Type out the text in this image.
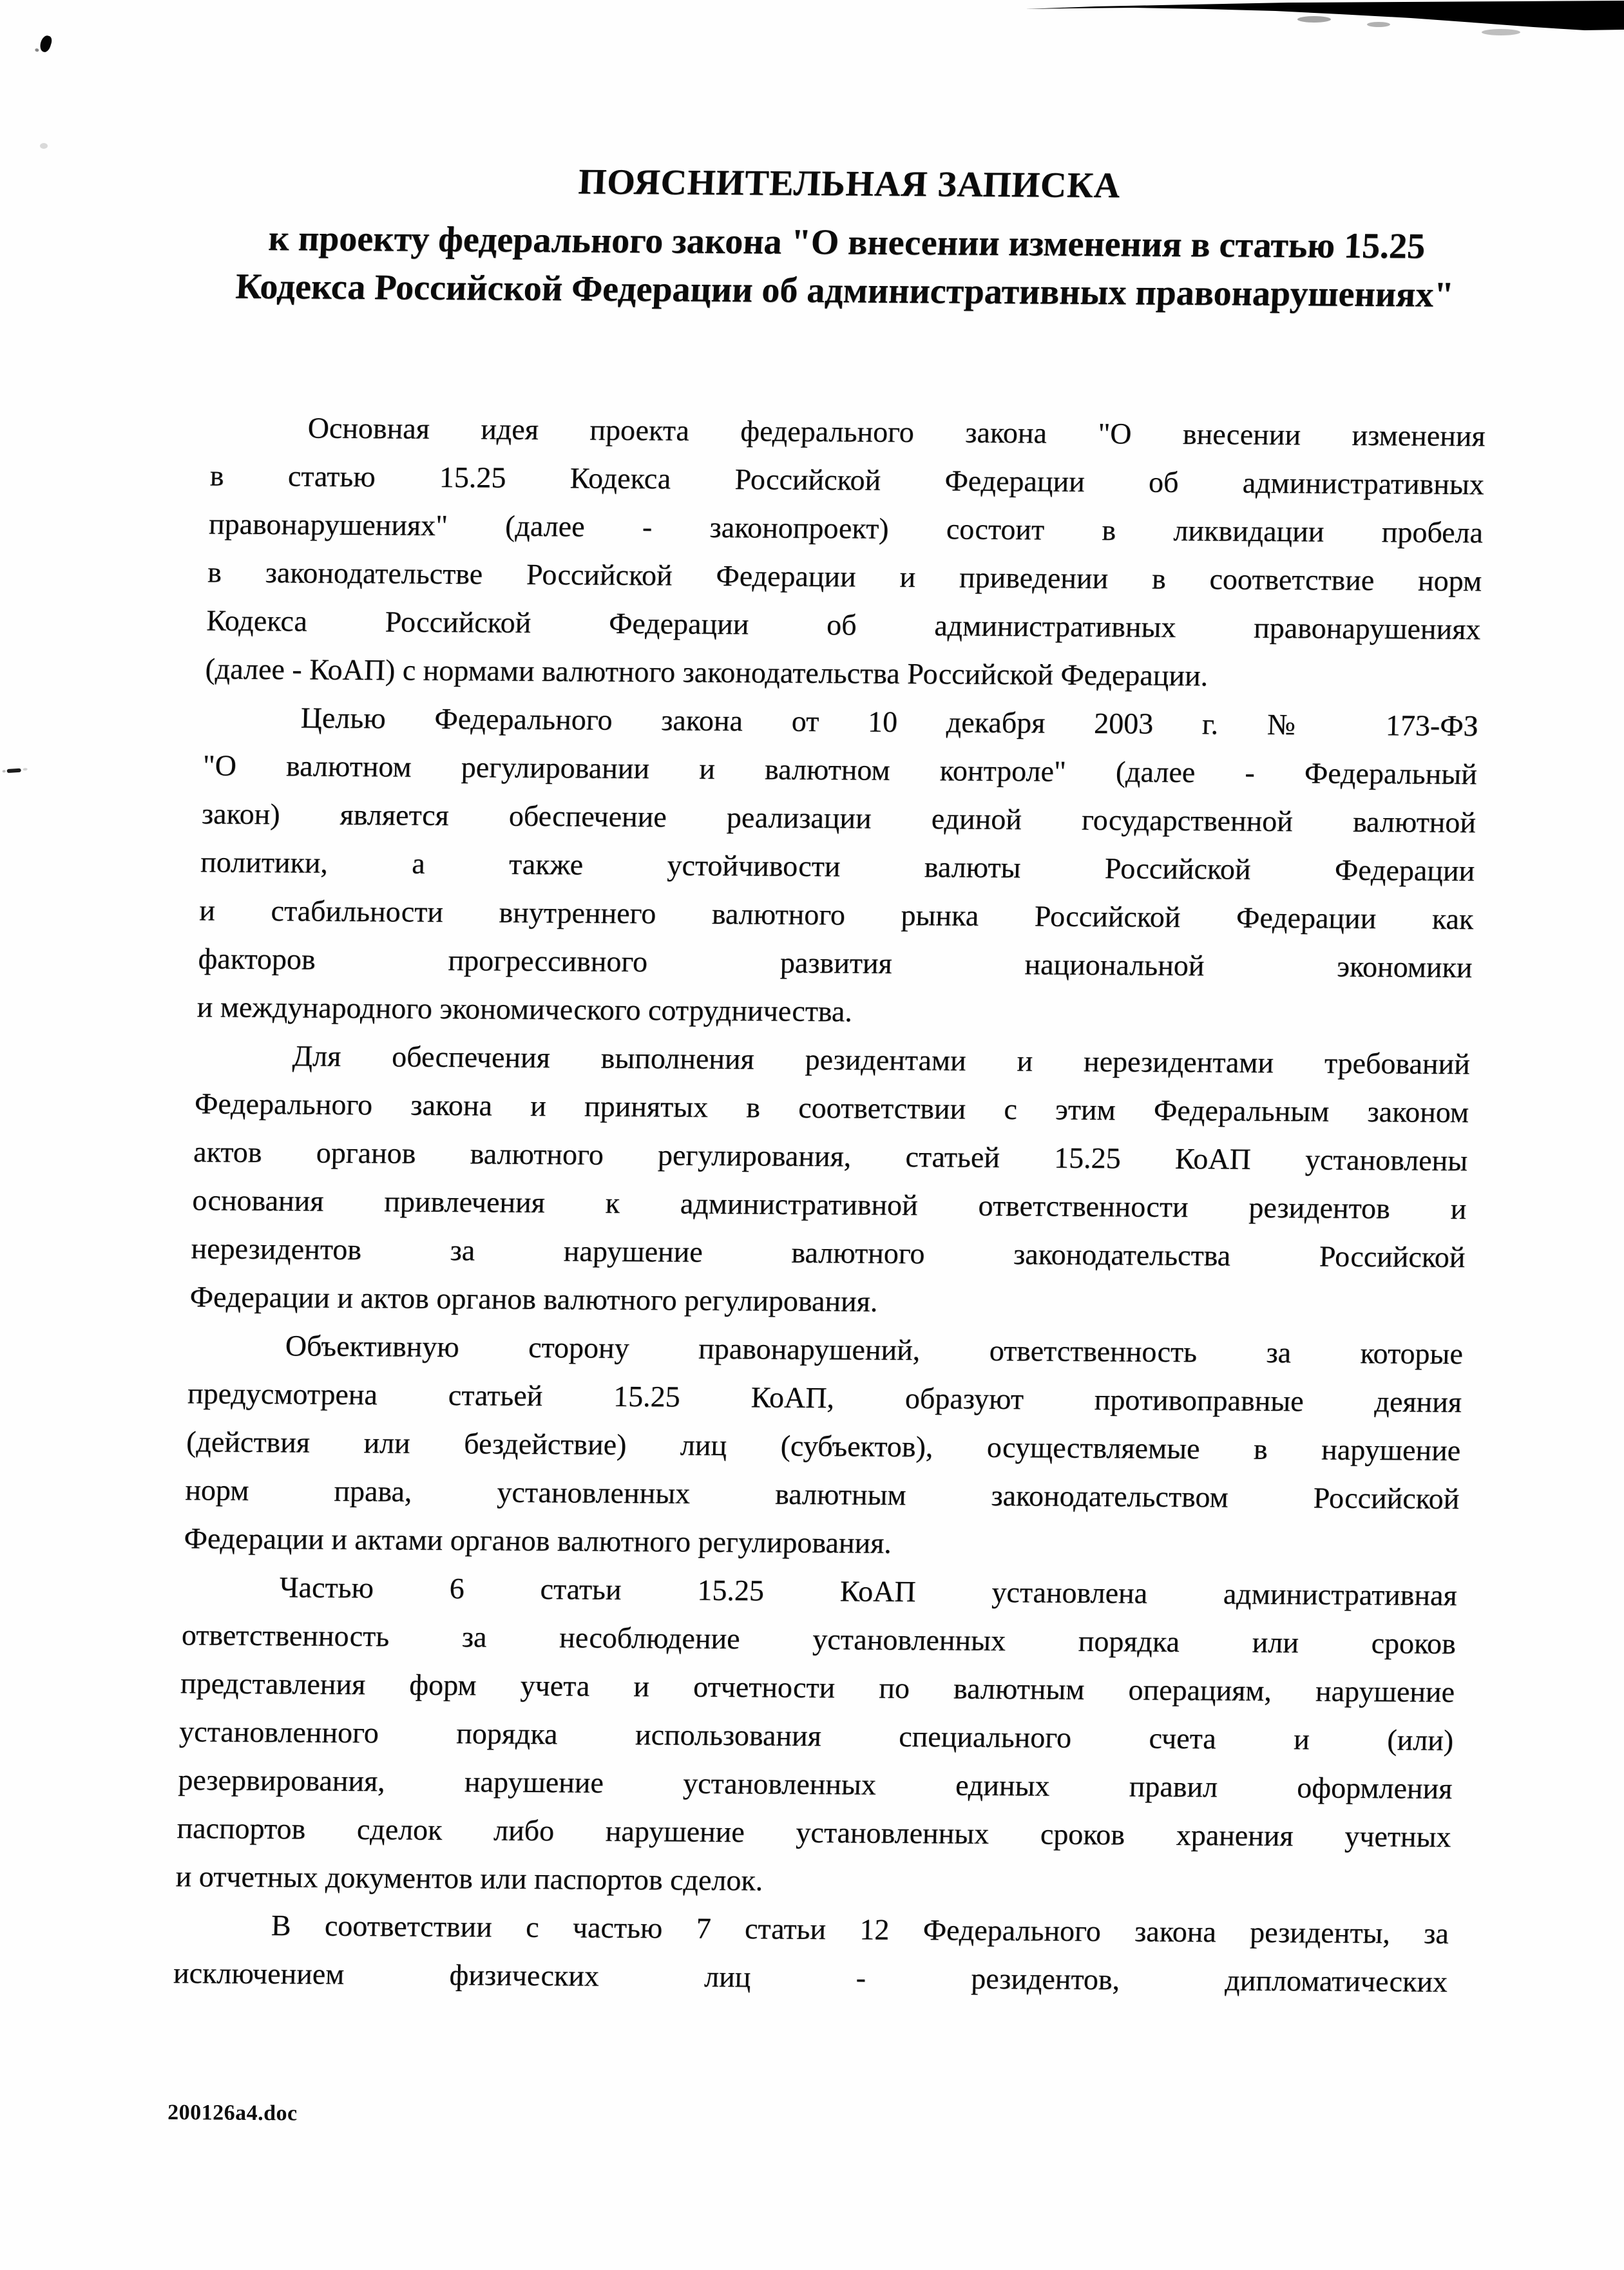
ПОЯСНИТЕЛЬНАЯ ЗАПИСКА
к проекту федерального закона "О внесении изменения в статью 15.25
Кодекса Российской Федерации об административных правонарушениях"
Основная идея проекта федерального закона "О внесении изменения
в статью 15.25 Кодекса Российской Федерации об административных
правонарушениях" (далее - законопроект) состоит в ликвидации пробела
в законодательстве Российской Федерации и приведении в соответствие норм
Кодекса Российской Федерации об административных правонарушениях
(далее - КоАП) с нормами валютного законодательства Российской Федерации.
Целью Федерального закона от 10 декабря 2003 г. № 173-ФЗ
"О валютном регулировании и валютном контроле" (далее - Федеральный
закон) является обеспечение реализации единой государственной валютной
политики, а также устойчивости валюты Российской Федерации
и стабильности внутреннего валютного рынка Российской Федерации как
факторов прогрессивного развития национальной экономики
и международного экономического сотрудничества.
Для обеспечения выполнения резидентами и нерезидентами требований
Федерального закона и принятых в соответствии с этим Федеральным законом
актов органов валютного регулирования, статьей 15.25 КоАП установлены
основания привлечения к административной ответственности резидентов и
нерезидентов за нарушение валютного законодательства Российской
Федерации и актов органов валютного регулирования.
Объективную сторону правонарушений, ответственность за которые
предусмотрена статьей 15.25 КоАП, образуют противоправные деяния
(действия или бездействие) лиц (субъектов), осуществляемые в нарушение
норм права, установленных валютным законодательством Российской
Федерации и актами органов валютного регулирования.
Частью 6 статьи 15.25 КоАП установлена административная
ответственность за несоблюдение установленных порядка или сроков
представления форм учета и отчетности по валютным операциям, нарушение
установленного порядка использования специального счета и (или)
резервирования, нарушение установленных единых правил оформления
паспортов сделок либо нарушение установленных сроков хранения учетных
и отчетных документов или паспортов сделок.
В соответствии с частью 7 статьи 12 Федерального закона резиденты, за
исключением физических лиц - резидентов, дипломатических
200126a4.doc
